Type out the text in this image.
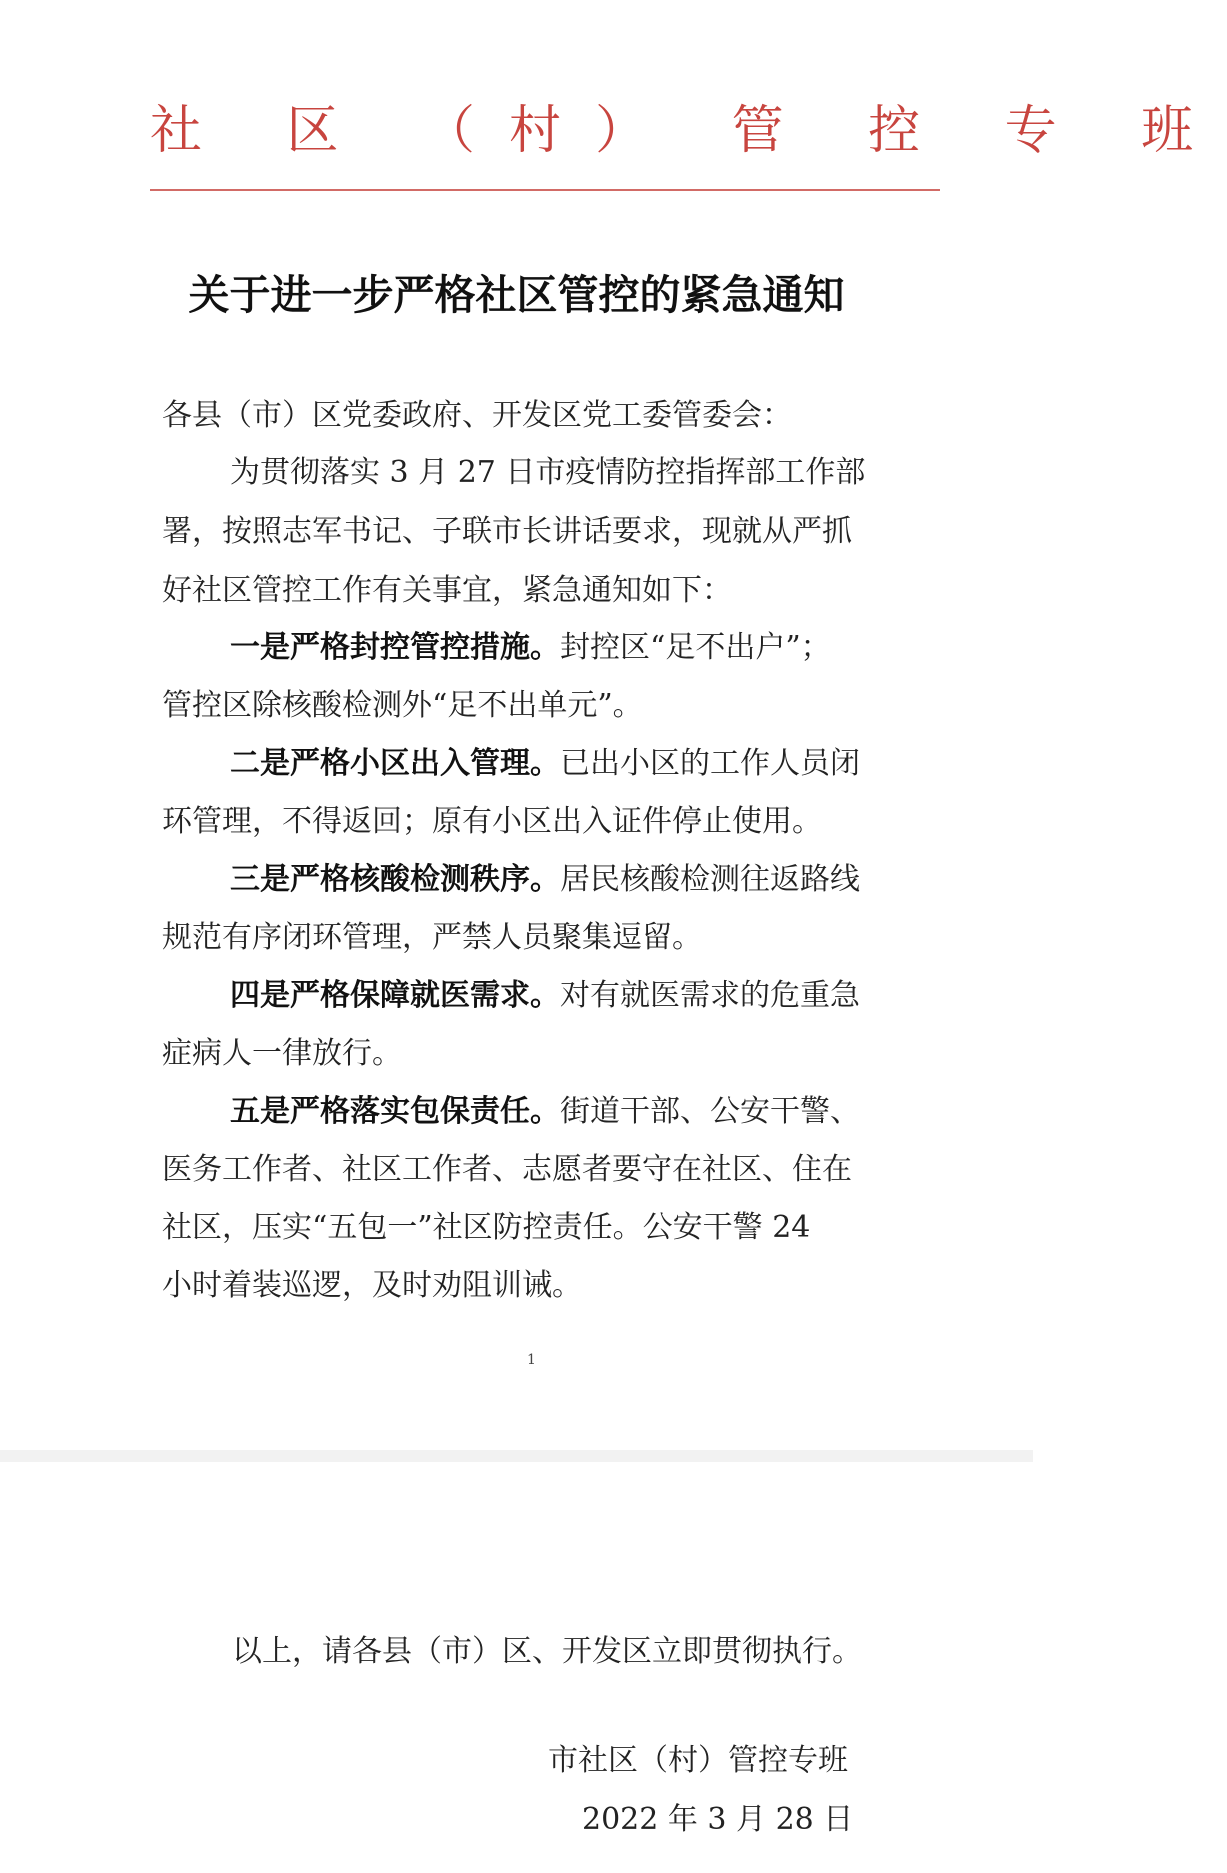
社 区 （村） 管 控 专 班
关于进一步严格社区管控的紧急通知
各县（市）区党委政府、开发区党工委管委会：
为贯彻落实 3 月 27 日市疫情防控指挥部工作部
署，按照志军书记、子联市长讲话要求，现就从严抓
好社区管控工作有关事宜，紧急通知如下：
一是严格封控管控措施。封控区“足不出户”；
管控区除核酸检测外“足不出单元”。
二是严格小区出入管理。已出小区的工作人员闭
环管理，不得返回；原有小区出入证件停止使用。
三是严格核酸检测秩序。居民核酸检测往返路线
规范有序闭环管理，严禁人员聚集逗留。
四是严格保障就医需求。对有就医需求的危重急
症病人一律放行。
五是严格落实包保责任。街道干部、公安干警、
医务工作者、社区工作者、志愿者要守在社区、住在
社区，压实“五包一”社区防控责任。公安干警 24
小时着装巡逻，及时劝阻训诫。
1
以上，请各县（市）区、开发区立即贯彻执行。
市社区（村）管控专班
2022 年 3 月 28 日
